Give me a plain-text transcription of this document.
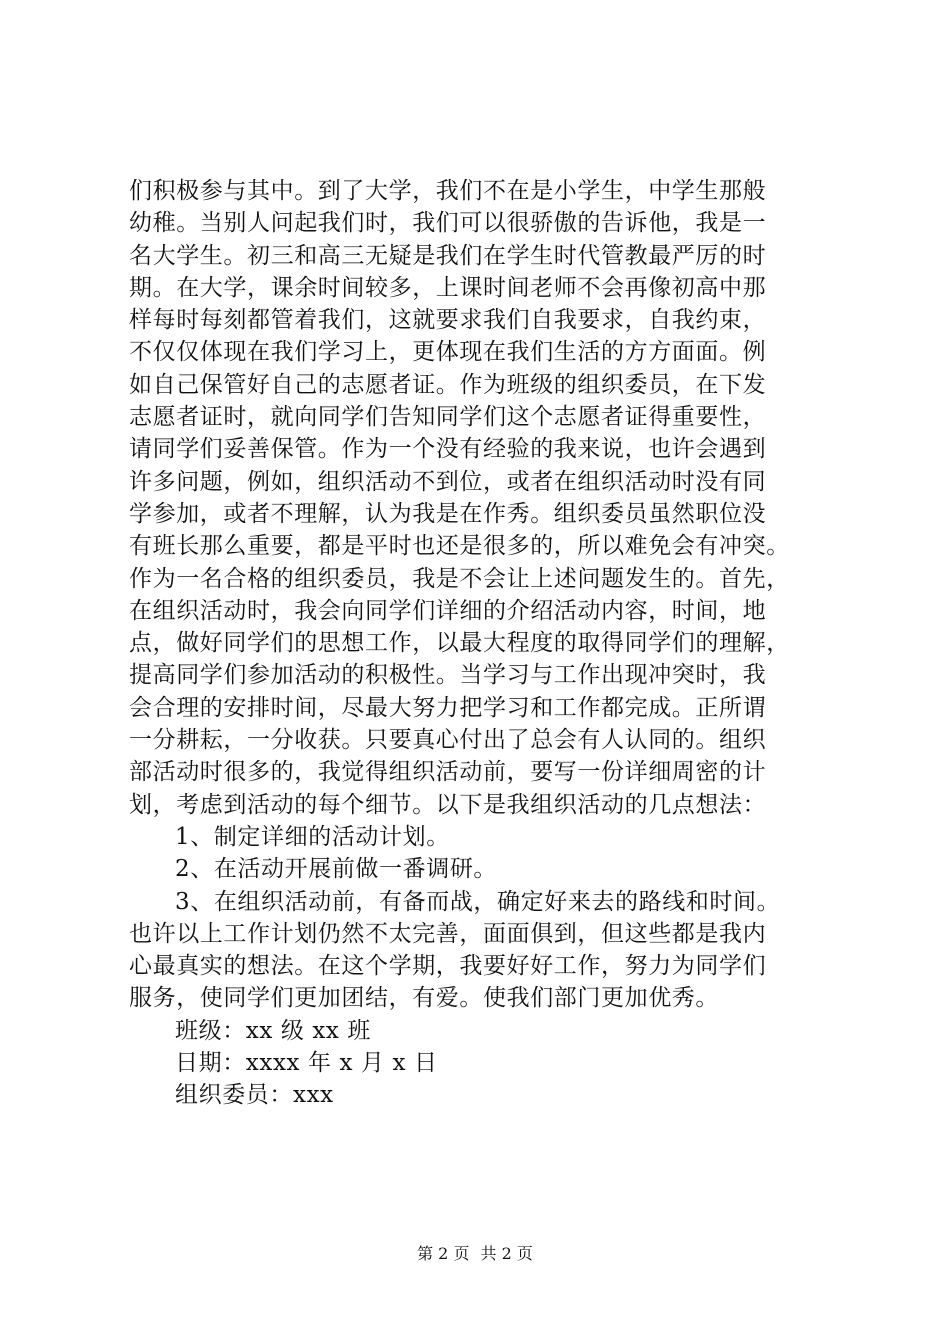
们积极参与其中。到了大学，我们不在是小学生，中学生那般
幼稚。当别人问起我们时，我们可以很骄傲的告诉他，我是一
名大学生。初三和高三无疑是我们在学生时代管教最严厉的时
期。在大学，课余时间较多，上课时间老师不会再像初高中那
样每时每刻都管着我们，这就要求我们自我要求，自我约束，
不仅仅体现在我们学习上，更体现在我们生活的方方面面。例
如自己保管好自己的志愿者证。作为班级的组织委员，在下发
志愿者证时，就向同学们告知同学们这个志愿者证得重要性，
请同学们妥善保管。作为一个没有经验的我来说，也许会遇到
许多问题，例如，组织活动不到位，或者在组织活动时没有同
学参加，或者不理解，认为我是在作秀。组织委员虽然职位没
有班长那么重要，都是平时也还是很多的，所以难免会有冲突。
作为一名合格的组织委员，我是不会让上述问题发生的。首先，
在组织活动时，我会向同学们详细的介绍活动内容，时间，地
点，做好同学们的思想工作，以最大程度的取得同学们的理解，
提高同学们参加活动的积极性。当学习与工作出现冲突时，我
会合理的安排时间，尽最大努力把学习和工作都完成。正所谓
一分耕耘，一分收获。只要真心付出了总会有人认同的。组织
部活动时很多的，我觉得组织活动前，要写一份详细周密的计
划，考虑到活动的每个细节。以下是我组织活动的几点想法：
1、制定详细的活动计划。
2、在活动开展前做一番调研。
3、在组织活动前，有备而战，确定好来去的路线和时间。
也许以上工作计划仍然不太完善，面面俱到，但这些都是我内
心最真实的想法。在这个学期，我要好好工作，努力为同学们
服务，使同学们更加团结，有爱。使我们部门更加优秀。
班级：xx 级 xx 班
日期：xxxx 年 x 月 x 日
组织委员：xxx
第 2 页 共 2 页
